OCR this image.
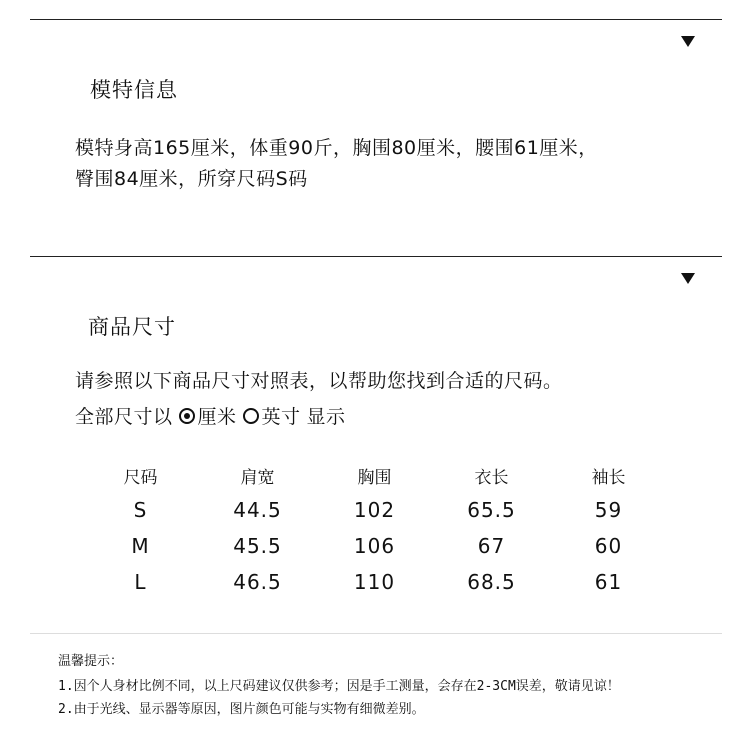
模特信息
模特身高165厘米，体重90斤，胸围80厘米，腰围61厘米，
臀围84厘米，所穿尺码S码
商品尺寸
请参照以下商品尺寸对照表，以帮助您找到合适的尺码。
全部尺寸以 厘米 英寸 显示
尺码	肩宽	胸围	衣长	袖长
S	44.5	102	65.5	59
M	45.5	106	67	60
L	46.5	110	68.5	61
温馨提示：
1.因个人身材比例不同，以上尺码建议仅供参考；因是手工测量，会存在2-3CM误差，敬请见谅！
2.由于光线、显示器等原因，图片颜色可能与实物有细微差别。
